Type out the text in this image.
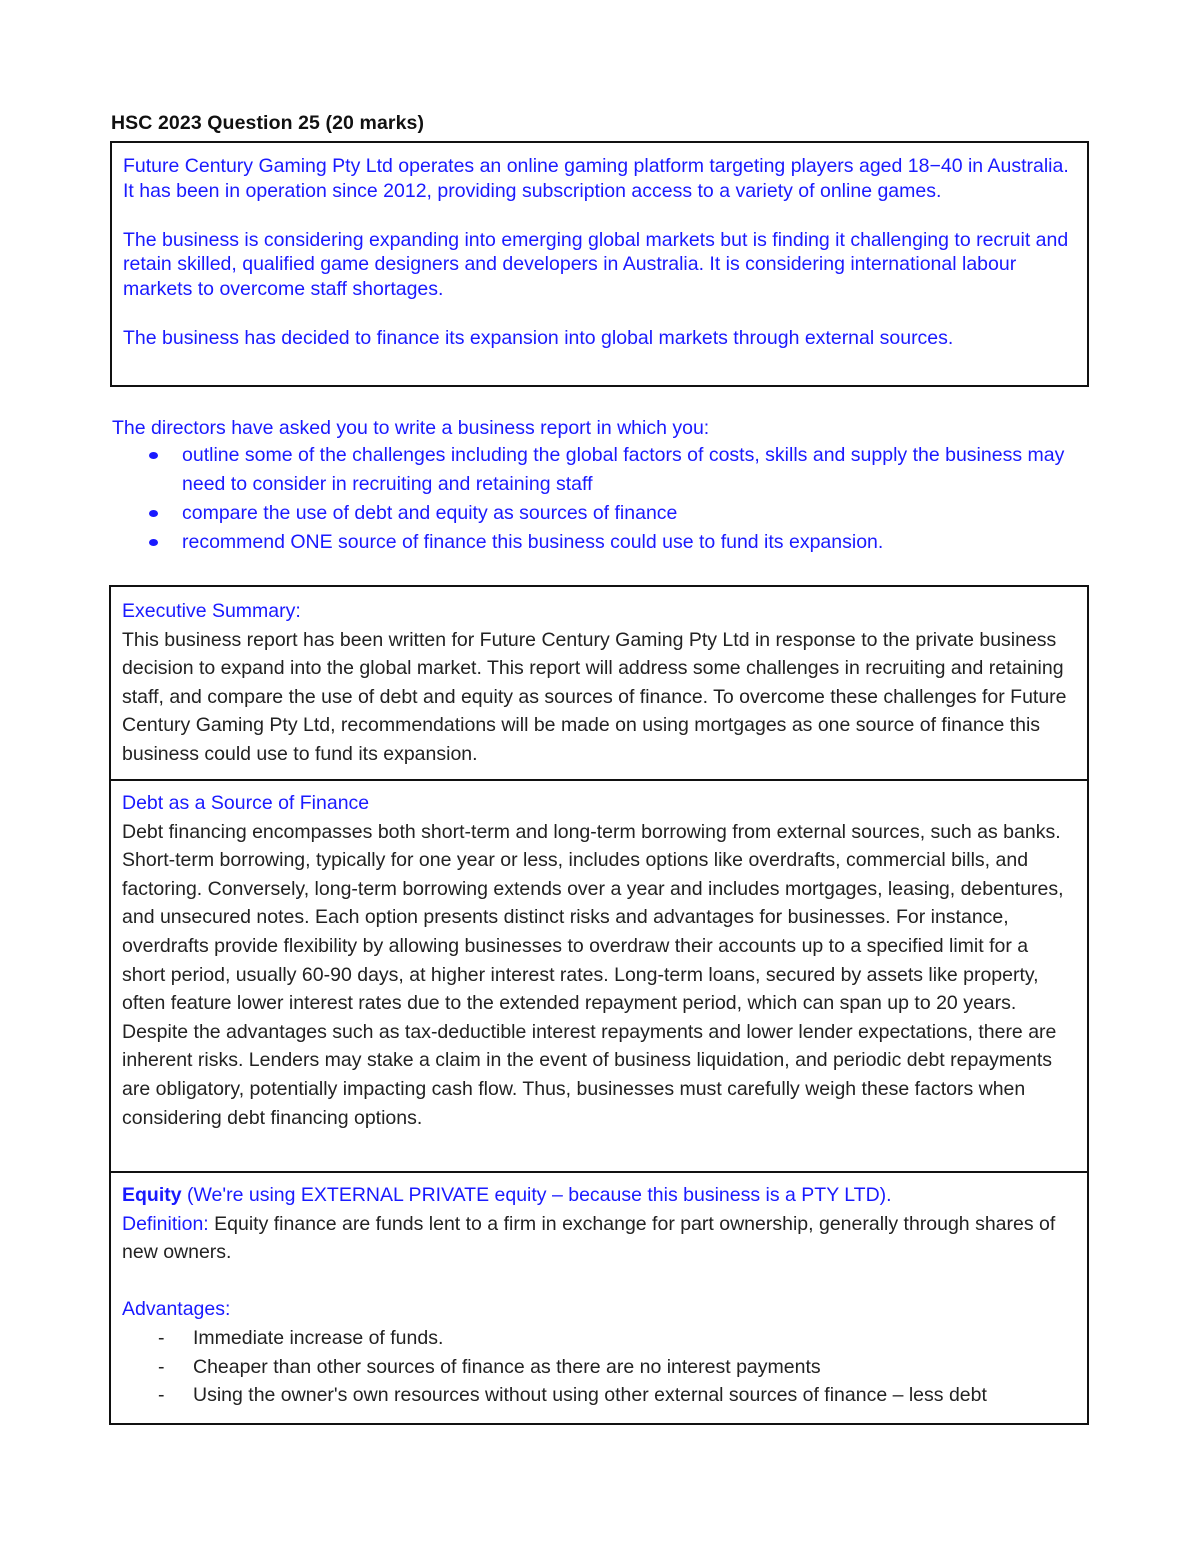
HSC 2023 Question 25 (20 marks)

Future Century Gaming Pty Ltd operates an online gaming platform targeting players aged 18−40 in Australia. It has been in operation since 2012, providing subscription access to a variety of online games.

The business is considering expanding into emerging global markets but is finding it challenging to recruit and retain skilled, qualified game designers and developers in Australia. It is considering international labour markets to overcome staff shortages.

The business has decided to finance its expansion into global markets through external sources.

The directors have asked you to write a business report in which you:
outline some of the challenges including the global factors of costs, skills and supply the business may need to consider in recruiting and retaining staff
compare the use of debt and equity as sources of finance
recommend ONE source of finance this business could use to fund its expansion.

Executive Summary:

This business report has been written for Future Century Gaming Pty Ltd in response to the private business decision to expand into the global market. This report will address some challenges in recruiting and retaining staff, and compare the use of debt and equity as sources of finance. To overcome these challenges for Future Century Gaming Pty Ltd, recommendations will be made on using mortgages as one source of finance this business could use to fund its expansion.

Debt as a Source of Finance

Debt financing encompasses both short-term and long-term borrowing from external sources, such as banks. Short-term borrowing, typically for one year or less, includes options like overdrafts, commercial bills, and factoring. Conversely, long-term borrowing extends over a year and includes mortgages, leasing, debentures, and unsecured notes. Each option presents distinct risks and advantages for businesses. For instance, overdrafts provide flexibility by allowing businesses to overdraw their accounts up to a specified limit for a short period, usually 60-90 days, at higher interest rates. Long-term loans, secured by assets like property, often feature lower interest rates due to the extended repayment period, which can span up to 20 years. Despite the advantages such as tax-deductible interest repayments and lower lender expectations, there are inherent risks. Lenders may stake a claim in the event of business liquidation, and periodic debt repayments are obligatory, potentially impacting cash flow. Thus, businesses must carefully weigh these factors when considering debt financing options.

Equity (We're using EXTERNAL PRIVATE equity – because this business is a PTY LTD).

Definition: Equity finance are funds lent to a firm in exchange for part ownership, generally through shares of new owners.

Advantages:

- Immediate increase of funds.
- Cheaper than other sources of finance as there are no interest payments
- Using the owner's own resources without using other external sources of finance – less debt
